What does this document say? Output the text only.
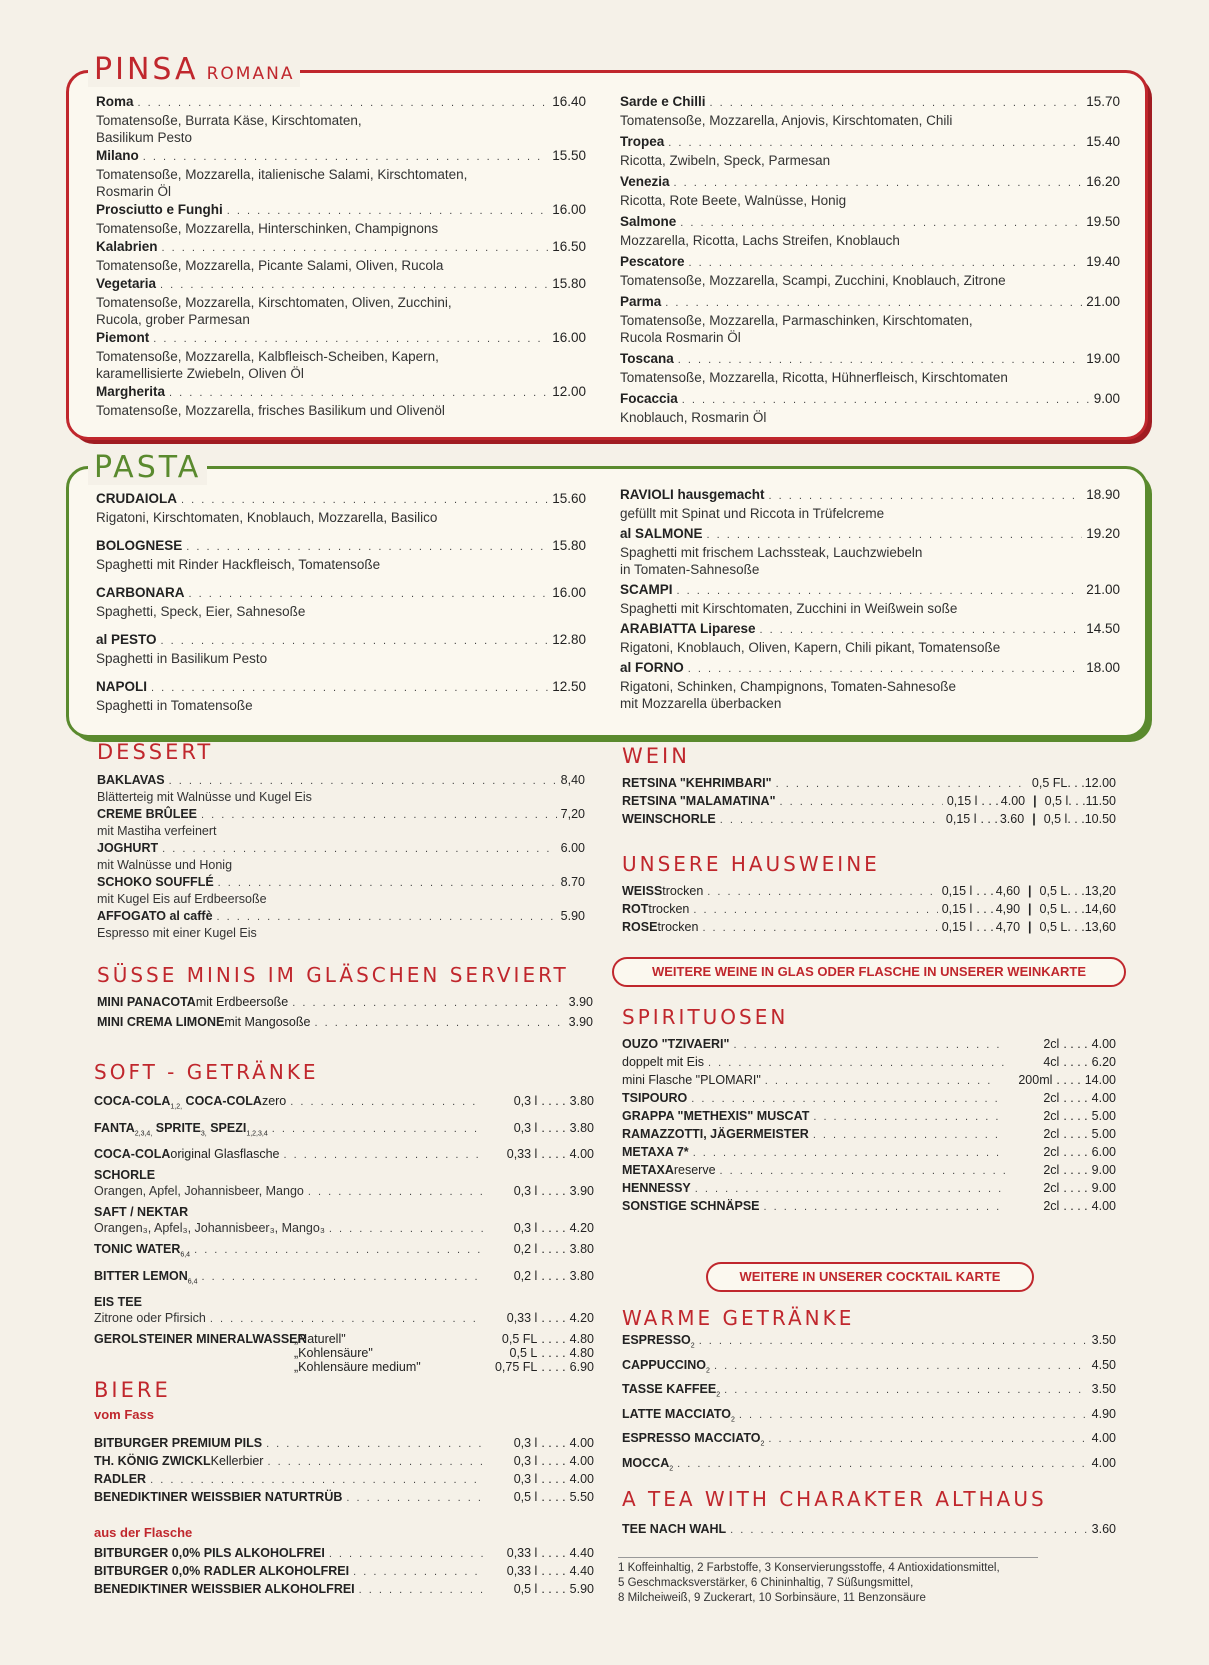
PINSA ROMANA
Roma . . .	16.40
Tomatensoße, Burrata Käse, Kirschtomaten,
Basilikum Pesto
Milano . . .	15.50
Tomatensoße, Mozzarella, italienische Salami, Kirschtomaten,
Rosmarin Öl
Prosciutto e Funghi . . .	16.00
Tomatensoße, Mozzarella, Hinterschinken, Champignons
Kalabrien . . .	16.50
Tomatensoße, Mozzarella, Picante Salami, Oliven, Rucola
Vegetaria . . .	15.80
Tomatensoße, Mozzarella, Kirschtomaten, Oliven, Zucchini,
Rucola, grober Parmesan
Piemont . . .	16.00
Tomatensoße, Mozzarella, Kalbfleisch-Scheiben, Kapern,
karamellisierte Zwiebeln, Oliven Öl
Margherita . . .	12.00
Tomatensoße, Mozzarella, frisches Basilikum und Olivenöl
Sarde e Chilli . . .	15.70
Tomatensoße, Mozzarella, Anjovis, Kirschtomaten, Chili
Tropea . . .	15.40
Ricotta, Zwibeln, Speck, Parmesan
Venezia . . .	16.20
Ricotta, Rote Beete, Walnüsse, Honig
Salmone . . .	19.50
Mozzarella, Ricotta, Lachs Streifen, Knoblauch
Pescatore . . .	19.40
Tomatensoße, Mozzarella, Scampi, Zucchini, Knoblauch, Zitrone
Parma . . .	21.00
Tomatensoße, Mozzarella, Parmaschinken, Kirschtomaten,
Rucola Rosmarin Öl
Toscana . . .	19.00
Tomatensoße, Mozzarella, Ricotta, Hühnerfleisch, Kirschtomaten
Focaccia . . .	9.00
Knoblauch, Rosmarin Öl
PASTA
CRUDAIOLA . . .	15.60
Rigatoni, Kirschtomaten, Knoblauch, Mozzarella, Basilico
BOLOGNESE . . .	15.80
Spaghetti mit Rinder Hackfleisch, Tomatensoße
CARBONARA . . .	16.00
Spaghetti, Speck, Eier, Sahnesoße
al PESTO . . .	12.80
Spaghetti in Basilikum Pesto
NAPOLI . . .	12.50
Spaghetti in Tomatensoße
RAVIOLI hausgemacht . . .	18.90
gefüllt mit Spinat und Riccota in Trüfelcreme
al SALMONE . . .	19.20
Spaghetti mit frischem Lachssteak, Lauchzwiebeln
in Tomaten-Sahnesoße
SCAMPI . . .	21.00
Spaghetti mit Kirschtomaten, Zucchini in Weißwein soße
ARABIATTA Liparese . . .	14.50
Rigatoni, Knoblauch, Oliven, Kapern, Chili pikant, Tomatensoße
al FORNO . . .	18.00
Rigatoni, Schinken, Champignons, Tomaten-Sahnesoße
mit Mozzarella überbacken
DESSERT
BAKLAVAS . . .	8,40
Blätterteig mit Walnüsse und Kugel Eis
CREME BRÛLEE . . .	7,20
mit Mastiha verfeinert
JOGHURT . . .	6.00
mit Walnüsse und Honig
SCHOKO SOUFFLÉ . . .	8.70
mit Kugel Eis auf Erdbeersoße
AFFOGATO al caffè . . .	5.90
Espresso mit einer Kugel Eis
SÜSSE MINIS IM GLÄSCHEN SERVIERT
MINI PANACOTA mit Erdbeersoße . . .	3.90
MINI CREMA LIMONE mit Mangosoße . . .	3.90
SOFT - GETRÄNKE
COCA-$COLA_{1,2,}$ COCA-COLA zero . . .	0,3 l . . . . 3.80
$FANTA_{2,3,4,}$ $SPRITE_{3,}$ $SPEZI_{1,2,3,4}$ . . .	0,3 l . . . . 3.80
COCA-COLA original Glasflasche . . .	0,33 l . . . . 4.00
SCHORLE
Orangen, Apfel, Johannisbeer, Mango . . .	0,3 l . . . . 3.90
SAFT / NEKTAR
Orangen₃, Apfel₃, Johannisbeer₃, Mango₃ . . .	0,3 l . . . . 4.20
TONIC $WATER_{6,4}$ . . .	0,2 l . . . . 3.80
BITTER $LEMON_{6,4}$ . . .	0,2 l . . . . 3.80
EIS TEE
Zitrone oder Pfirsich . . .	0,33 l . . . . 4.20
GEROLSTEINER MINERALWASSER
„Naturell"	0,5 FL . . . . 4.80
„Kohlensäure"	0,5 L . . . . 4.80
„Kohlensäure medium"	0,75 FL . . . . 6.90
BIERE
vom Fass
BITBURGER PREMIUM PILS . . .	0,3 l . . . . 4.00
TH. KÖNIG ZWICKL Kellerbier . . .	0,3 l . . . . 4.00
RADLER . . .	0,3 l . . . . 4.00
BENEDIKTINER WEISSBIER NATURTRÜB . . .	0,5 l . . . . 5.50
aus der Flasche
BITBURGER 0,0% PILS ALKOHOLFREI . . .	0,33 l . . . . 4.40
BITBURGER 0,0% RADLER ALKOHOLFREI . . .	0,33 l . . . . 4.40
BENEDIKTINER WEISSBIER ALKOHOLFREI . . .	0,5 l . . . . 5.90
WEIN
RETSINA "KEHRIMBARI" . . .	0,5 FL . . . 12.00
RETSINA "MALAMATINA" . . .	0,15 l . . . 4.00 | 0,5 l . . . 11.50
WEINSCHORLE . . .	0,15 l . . . 3.60 | 0,5 l . . . 10.50
UNSERE HAUSWEINE
WEISS trocken . . .	0,15 l . . . 4,60 | 0,5 L . . . 13,20
ROT trocken . . .	0,15 l . . . 4,90 | 0,5 L . . . 14,60
ROSE trocken . . .	0,15 l . . . 4,70 | 0,5 L . . . 13,60
WEITERE WEINE IN GLAS ODER FLASCHE IN UNSERER WEINKARTE
SPIRITUOSEN
OUZO "TZIVAERI" . . .	2cl . . . . 4.00
doppelt mit Eis . . .	4cl . . . . 6.20
mini Flasche "PLOMARI" . . .	200ml . . . . 14.00
TSIPOURO . . .	2cl . . . . 4.00
GRAPPA "METHEXIS" MUSCAT . . .	2cl . . . . 5.00
RAMAZZOTTI, JÄGERMEISTER . . .	2cl . . . . 5.00
METAXA 7* . . .	2cl . . . . 6.00
METAXA reserve . . .	2cl . . . . 9.00
HENNESSY . . .	2cl . . . . 9.00
SONSTIGE SCHNÄPSE . . .	2cl . . . . 4.00
WEITERE IN UNSERER COCKTAIL KARTE
WARME GETRÄNKE
$ESPRESSO_2$ . . .	3.50
$CAPPUCCINO_2$ . . .	4.50
TASSE $KAFFEE_2$ . . .	3.50
LATTE $MACCIATO_2$ . . .	4.90
ESPRESSO $MACCIATO_2$ . . .	4.00
$MOCCA_2$ . . .	4.00
A TEA WITH CHARAKTER ALTHAUS
TEE NACH WAHL . . .	3.60
1 Koffeinhaltig, 2 Farbstoffe, 3 Konservierungsstoffe, 4 Antioxidationsmittel,
5 Geschmacksverstärker, 6 Chininhaltig, 7 Süßungsmittel,
8 Milcheiweiß, 9 Zuckerart, 10 Sorbinsäure, 11 Benzonsäure
